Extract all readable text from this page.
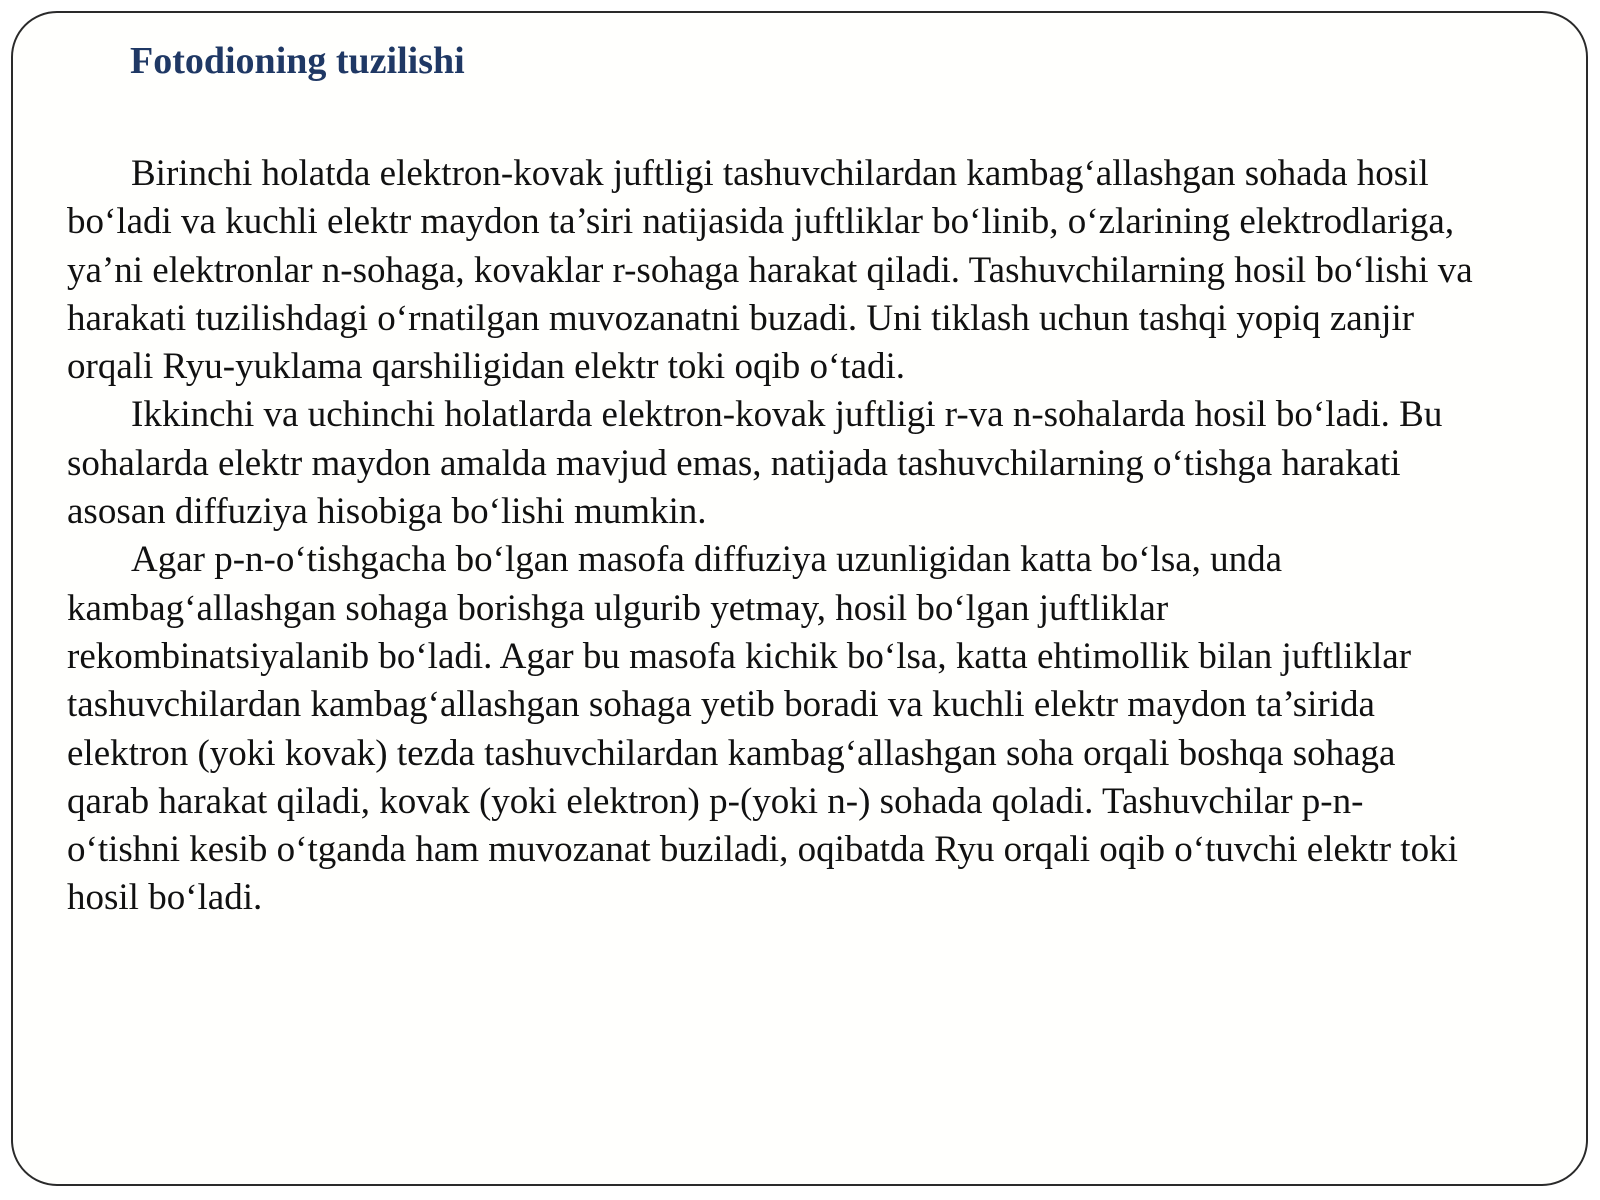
Fotodioning tuzilishi

Birinchi holatda elektron-kovak juftligi tashuvchilardan kambag‘allashgan sohada hosil bo‘ladi va kuchli elektr maydon ta’siri natijasida juftliklar bo‘linib, o‘zlarining elektrodlariga, ya’ni elektronlar n-sohaga, kovaklar r-sohaga harakat qiladi. Tashuvchilarning hosil bo‘lishi va harakati tuzilishdagi o‘rnatilgan muvozanatni buzadi. Uni tiklash uchun tashqi yopiq zanjir orqali Ryu-yuklama qarshiligidan elektr toki oqib o‘tadi.

Ikkinchi va uchinchi holatlarda elektron-kovak juftligi r-va n-sohalarda hosil bo‘ladi. Bu sohalarda elektr maydon amalda mavjud emas, natijada tashuvchilarning o‘tishga harakati asosan diffuziya hisobiga bo‘lishi mumkin.

Agar p-n-o‘tishgacha bo‘lgan masofa diffuziya uzunligidan katta bo‘lsa, unda kambag‘allashgan sohaga borishga ulgurib yetmay, hosil bo‘lgan juftliklar rekombinatsiyalanib bo‘ladi. Agar bu masofa kichik bo‘lsa, katta ehtimollik bilan juftliklar tashuvchilardan kambag‘allashgan sohaga yetib boradi va kuchli elektr maydon ta’sirida elektron (yoki kovak) tezda tashuvchilardan kambag‘allashgan soha orqali boshqa sohaga qarab harakat qiladi, kovak (yoki elektron) p-(yoki n-) sohada qoladi. Tashuvchilar p-n- o‘tishni kesib o‘tganda ham muvozanat buziladi, oqibatda Ryu orqali oqib o‘tuvchi elektr toki hosil bo‘ladi.
